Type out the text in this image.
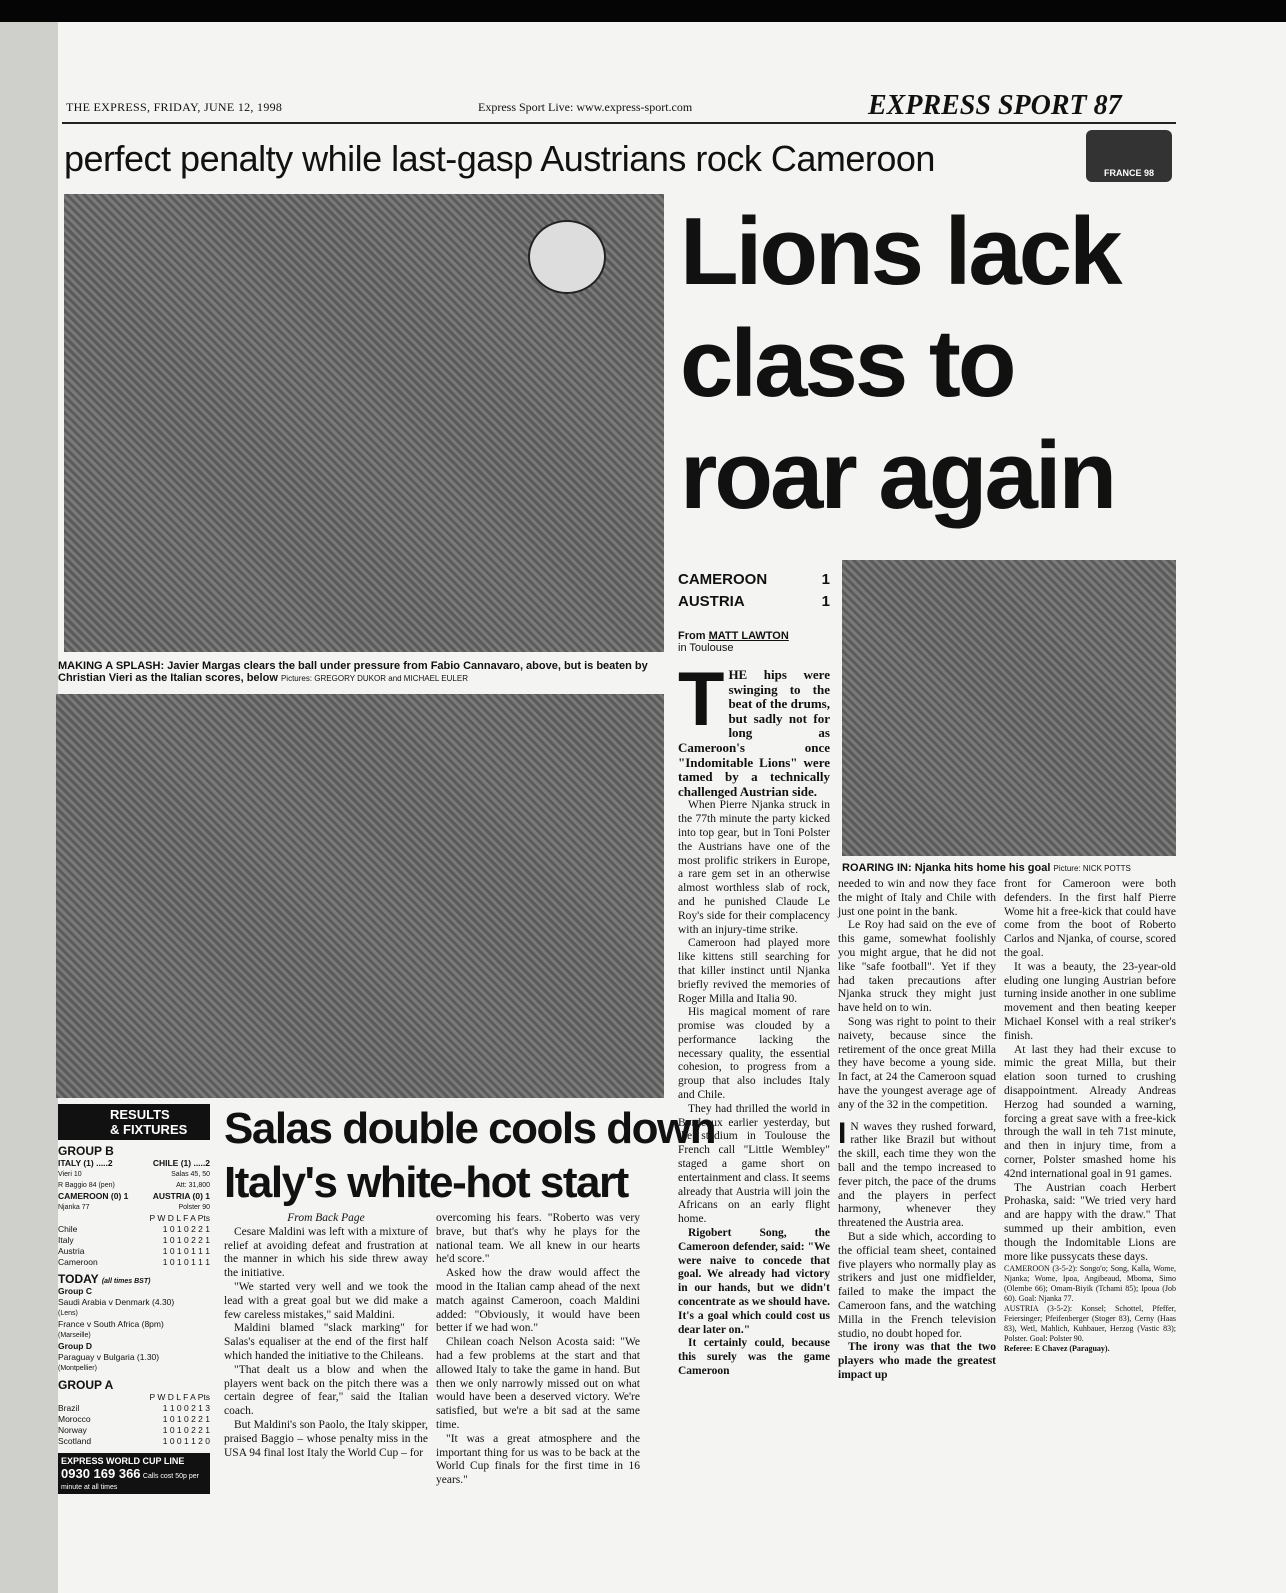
THE EXPRESS, FRIDAY, JUNE 12, 1998	Express Sport Live: www.express-sport.com	EXPRESS SPORT 87
perfect penalty while last-gasp Austrians rock Cameroon	FRANCE 98
MAKING A SPLASH: Javier Margas clears the ball under pressure from Fabio Cannavaro, above, but is beaten by Christian Vieri as the Italian scores, below Pictures: GREGORY DUKOR and MICHAEL EULER
Lions lack
class to
roar again
CAMEROON	1
AUSTRIA	1
From MATT LAWTON
in Toulouse
T HE hips were swinging to the beat of the drums, but sadly not for long as Cameroon's once "Indomitable Lions" were tamed by a technically challenged Austrian side.

When Pierre Njanka struck in the 77th minute the party kicked into top gear, but in Toni Polster the Austrians have one of the most prolific strikers in Europe, a rare gem set in an otherwise almost worthless slab of rock, and he punished Claude Le Roy's side for their complacency with an injury-time strike.

Cameroon had played more like kittens still searching for that killer instinct until Njanka briefly revived the memories of Roger Milla and Italia 90.

His magical moment of rare promise was clouded by a performance lacking the necessary quality, the essential cohesion, to progress from a group that also includes Italy and Chile.

They had thrilled the world in Bordeaux earlier yesterday, but the stadium in Toulouse the French call "Little Wembley" staged a game short on entertainment and class. It seems already that Austria will join the Africans on an early flight home.

Rigobert Song, the Cameroon defender, said: "We were naive to concede that goal. We already had victory in our hands, but we didn't concentrate as we should have. It's a goal which could cost us dear later on."

It certainly could, because this surely was the game Cameroon

ROARING IN: Njanka hits home his goal Picture: NICK POTTS

needed to win and now they face the might of Italy and Chile with just one point in the bank.

Le Roy had said on the eve of this game, somewhat foolishly you might argue, that he did not like "safe football". Yet if they had taken precautions after Njanka struck they might just have held on to win.

Song was right to point to their naivety, because since the retirement of the once great Milla they have become a young side. In fact, at 24 the Cameroon squad have the youngest average age of any of the 32 in the competition.

I N waves they rushed forward, rather like Brazil but without the skill, each time they won the ball and the tempo increased to fever pitch, the pace of the drums and the players in perfect harmony, whenever they threatened the Austria area.

But a side which, according to the official team sheet, contained five players who normally play as strikers and just one midfielder, failed to make the impact the Cameroon fans, and the watching Milla in the French television studio, no doubt hoped for.

The irony was that the two players who made the greatest impact up

front for Cameroon were both defenders. In the first half Pierre Wome hit a free-kick that could have come from the boot of Roberto Carlos and Njanka, of course, scored the goal.

It was a beauty, the 23-year-old eluding one lunging Austrian before turning inside another in one sublime movement and then beating keeper Michael Konsel with a real striker's finish.

At last they had their excuse to mimic the great Milla, but their elation soon turned to crushing disappointment. Already Andreas Herzog had sounded a warning, forcing a great save with a free-kick through the wall in teh 71st minute, and then in injury time, from a corner, Polster smashed home his 42nd international goal in 91 games.

The Austrian coach Herbert Prohaska, said: "We tried very hard and are happy with the draw." That summed up their ambition, even though the Indomitable Lions are more like pussycats these days.

CAMEROON (3-5-2): Songo'o; Song, Kalla, Wome, Njanka; Wome, Ipoa, Angibeaud, Mboma, Simo (Olembe 66); Omam-Biyik (Tchami 85); Ipoua (Job 60). Goal: Njanka 77.

AUSTRIA (3-5-2): Konsel; Schottel, Pfeffer, Feiersinger; Pfeifenberger (Stoger 83), Cerny (Haas 83), Wetl, Mahlich, Kuhbauer, Herzog (Vastic 83); Polster. Goal: Polster 90.

Referee: E Chavez (Paraguay).

RESULTS
& FIXTURES
GROUP B
ITALY (1) .....2	CHILE (1) .....2
Vieri 10	Salas 45, 50
R Baggio 84 (pen)	Att: 31,800
CAMEROON (0) 1	AUSTRIA (0) 1
Njanka 77	Polster 90
P W D L F A Pts
Chile	1 0 1 0 2 2 1
Italy	1 0 1 0 2 2 1
Austria	1 0 1 0 1 1 1
Cameroon	1 0 1 0 1 1 1
TODAY (all times BST)
Group C
Saudi Arabia v Denmark (4.30)
(Lens)
France v South Africa (8pm)
(Marseille)
Group D
Paraguay v Bulgaria (1.30)
(Montpellier)
GROUP A
P W D L F A Pts
Brazil	1 1 0 0 2 1 3
Morocco	1 0 1 0 2 2 1
Norway	1 0 1 0 2 2 1
Scotland	1 0 0 1 1 2 0
EXPRESS WORLD CUP LINE
0930 169 366 Calls cost 50p per minute at all times
Salas double cools down
Italy's white-hot start
From Back Page

Cesare Maldini was left with a mixture of relief at avoiding defeat and frustration at the manner in which his side threw away the initiative.

"We started very well and we took the lead with a great goal but we did make a few careless mistakes," said Maldini.

Maldini blamed "slack marking" for Salas's equaliser at the end of the first half which handed the initiative to the Chileans.

"That dealt us a blow and when the players went back on the pitch there was a certain degree of fear," said the Italian coach.

But Maldini's son Paolo, the Italy skipper, praised Baggio – whose penalty miss in the USA 94 final lost Italy the World Cup – for

overcoming his fears. "Roberto was very brave, but that's why he plays for the national team. We all knew in our hearts he'd score."

Asked how the draw would affect the mood in the Italian camp ahead of the next match against Cameroon, coach Maldini added: "Obviously, it would have been better if we had won."

Chilean coach Nelson Acosta said: "We had a few problems at the start and that allowed Italy to take the game in hand. But then we only narrowly missed out on what would have been a deserved victory. We're satisfied, but we're a bit sad at the same time.

"It was a great atmosphere and the important thing for us was to be back at the World Cup finals for the first time in 16 years."
